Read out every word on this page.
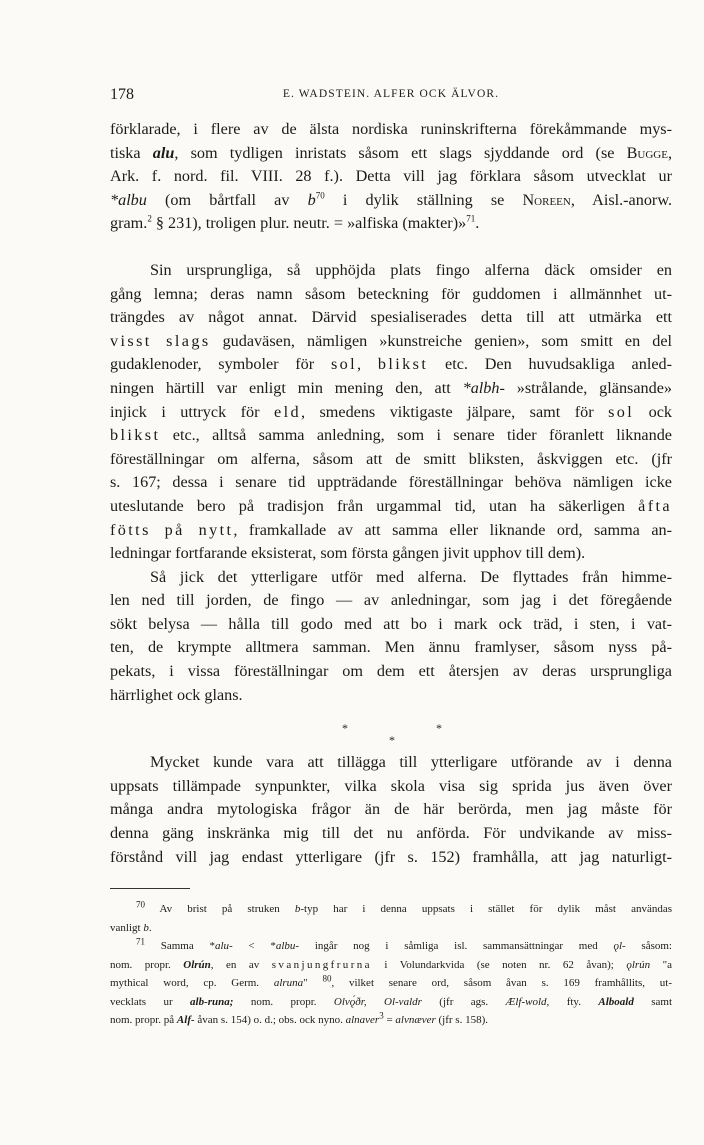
178	E. WADSTEIN. ALFER OCK ÄLVOR.
förklarade, i flere av de älsta nordiska runinskrifterna förekåmmande mys-
tiska alu, som tydligen inristats såsom ett slags sjyddande ord (se Bugge,
Ark. f. nord. fil. VIII. 28 f.). Detta vill jag förklara såsom utvecklat ur
*albu (om bårtfall av $b^{70}$ i dylik ställning se Noreen, Aisl.-anorw.
gram.$^2$ § 231), troligen plur. neutr. = »alfiska (makter)»$^{71}$.
Sin ursprungliga, så upphöjda plats fingo alferna däck omsider en
gång lemna; deras namn såsom beteckning för guddomen i allmännhet ut-
trängdes av något annat. Därvid spesialiserades detta till att utmärka ett
visst slags gudaväsen, nämligen »kunstreiche genien», som smitt en del
gudaklenoder, symboler för sol, blikst etc. Den huvudsakliga anled-
ningen härtill var enligt min mening den, att *albh- »strålande, glänsande»
injick i uttryck för eld, smedens viktigaste jälpare, samt för sol ock
blikst etc., alltså samma anledning, som i senare tider föranlett liknande
föreställningar om alferna, såsom att de smitt bliksten, åskviggen etc. (jfr
s. 167; dessa i senare tid uppträdande föreställningar behöva nämligen icke
uteslutande bero på tradisjon från urgammal tid, utan ha säkerligen åfta
fötts på nytt, framkallade av att samma eller liknande ord, samma an-
ledningar fortfarande eksisterat, som första gången jivit upphov till dem).
Så jick det ytterligare utför med alferna. De flyttades från himme-
len ned till jorden, de fingo — av anledningar, som jag i det föregående
sökt belysa — hålla till godo med att bo i mark ock träd, i sten, i vat-
ten, de krympte alltmera samman. Men ännu framlyser, såsom nyss på-
pekats, i vissa föreställningar om dem ett återsjen av deras ursprungliga
härrlighet ock glans.
*	*
*
Mycket kunde vara att tillägga till ytterligare utförande av i denna
uppsats tillämpade synpunkter, vilka skola visa sig sprida jus även över
många andra mytologiska frågor än de här berörda, men jag måste för
denna gäng inskränka mig till det nu anförda. För undvikande av miss-
förstånd vill jag endast ytterligare (jfr s. 152) framhålla, att jag naturligt-
$^{70}$ Av brist på struken b-typ har i denna uppsats i stället för dylik måst användas
vanligt b.
$^{71}$ Samma *alu- < *albu- ingår nog i såmliga isl. sammansättningar med ǫl- såsom:
nom. propr. Olrún, en av svanjungfrurna i Volundarkvida (se noten nr. 62 åvan); ǫlrún "a
mythical word, cp. Germ. alruna" $^{80}$, vilket senare ord, såsom åvan s. 169 framhållits, ut-
vecklats ur alb-runa; nom. propr. Olvǫ́ðr, Ol-valdr (jfr ags. Ælf-wold, fty. Alboald samt
nom. propr. på Alf- åvan s. 154) o. d.; obs. ock nyno. alnaver$^3$ = alvnæver (jfr s. 158).
